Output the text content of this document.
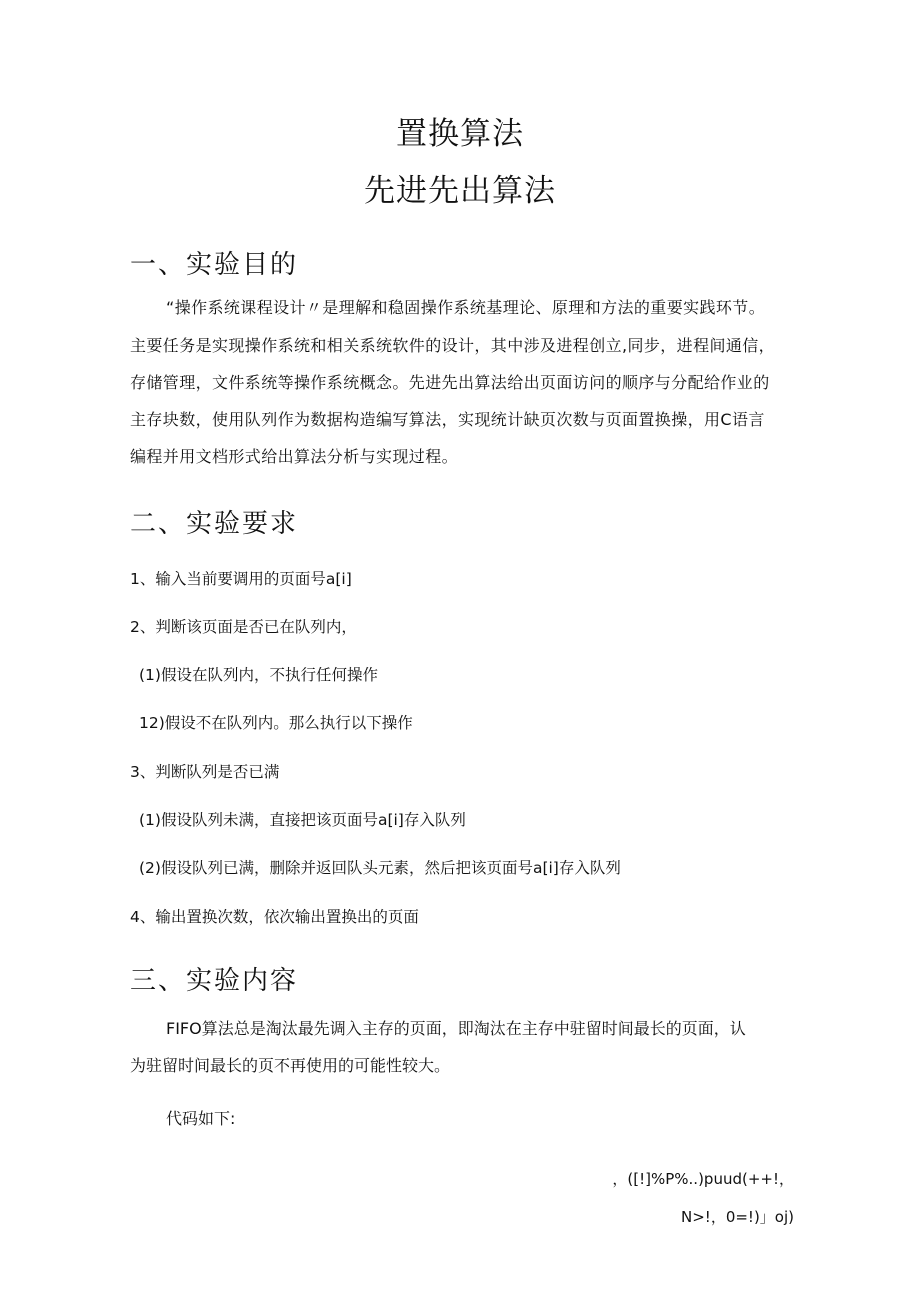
置换算法
先进先出算法
一、实验目的
“操作系统课程设计〃是理解和稳固操作系统基理论、原理和方法的重要实践环节。
主要任务是实现操作系统和相关系统软件的设计，其中涉及进程创立,同步，进程间通信，
存储管理，文件系统等操作系统概念。先进先出算法给出页面访问的顺序与分配给作业的
主存块数，使用队列作为数据构造编写算法，实现统计缺页次数与页面置换操，用C语言
编程并用文档形式给出算法分析与实现过程。
二、实验要求
1、输入当前要调用的页面号a[i]
2、判断该页面是否已在队列内，
(1)假设在队列内，不执行任何操作
12)假设不在队列内。那么执行以下操作
3、判断队列是否已满
(1)假设队列未满，直接把该页面号a[i]存入队列
(2)假设队列已满，删除并返回队头元素，然后把该页面号a[i]存入队列
4、输出置换次数，依次输出置换出的页面
三、实验内容
FIFO算法总是淘汰最先调入主存的页面，即淘汰在主存中驻留时间最长的页面，认
为驻留时间最长的页不再使用的可能性较大。
代码如下:
，([!]%P%..)puud(++!，
N>!，0=!)」oj)
